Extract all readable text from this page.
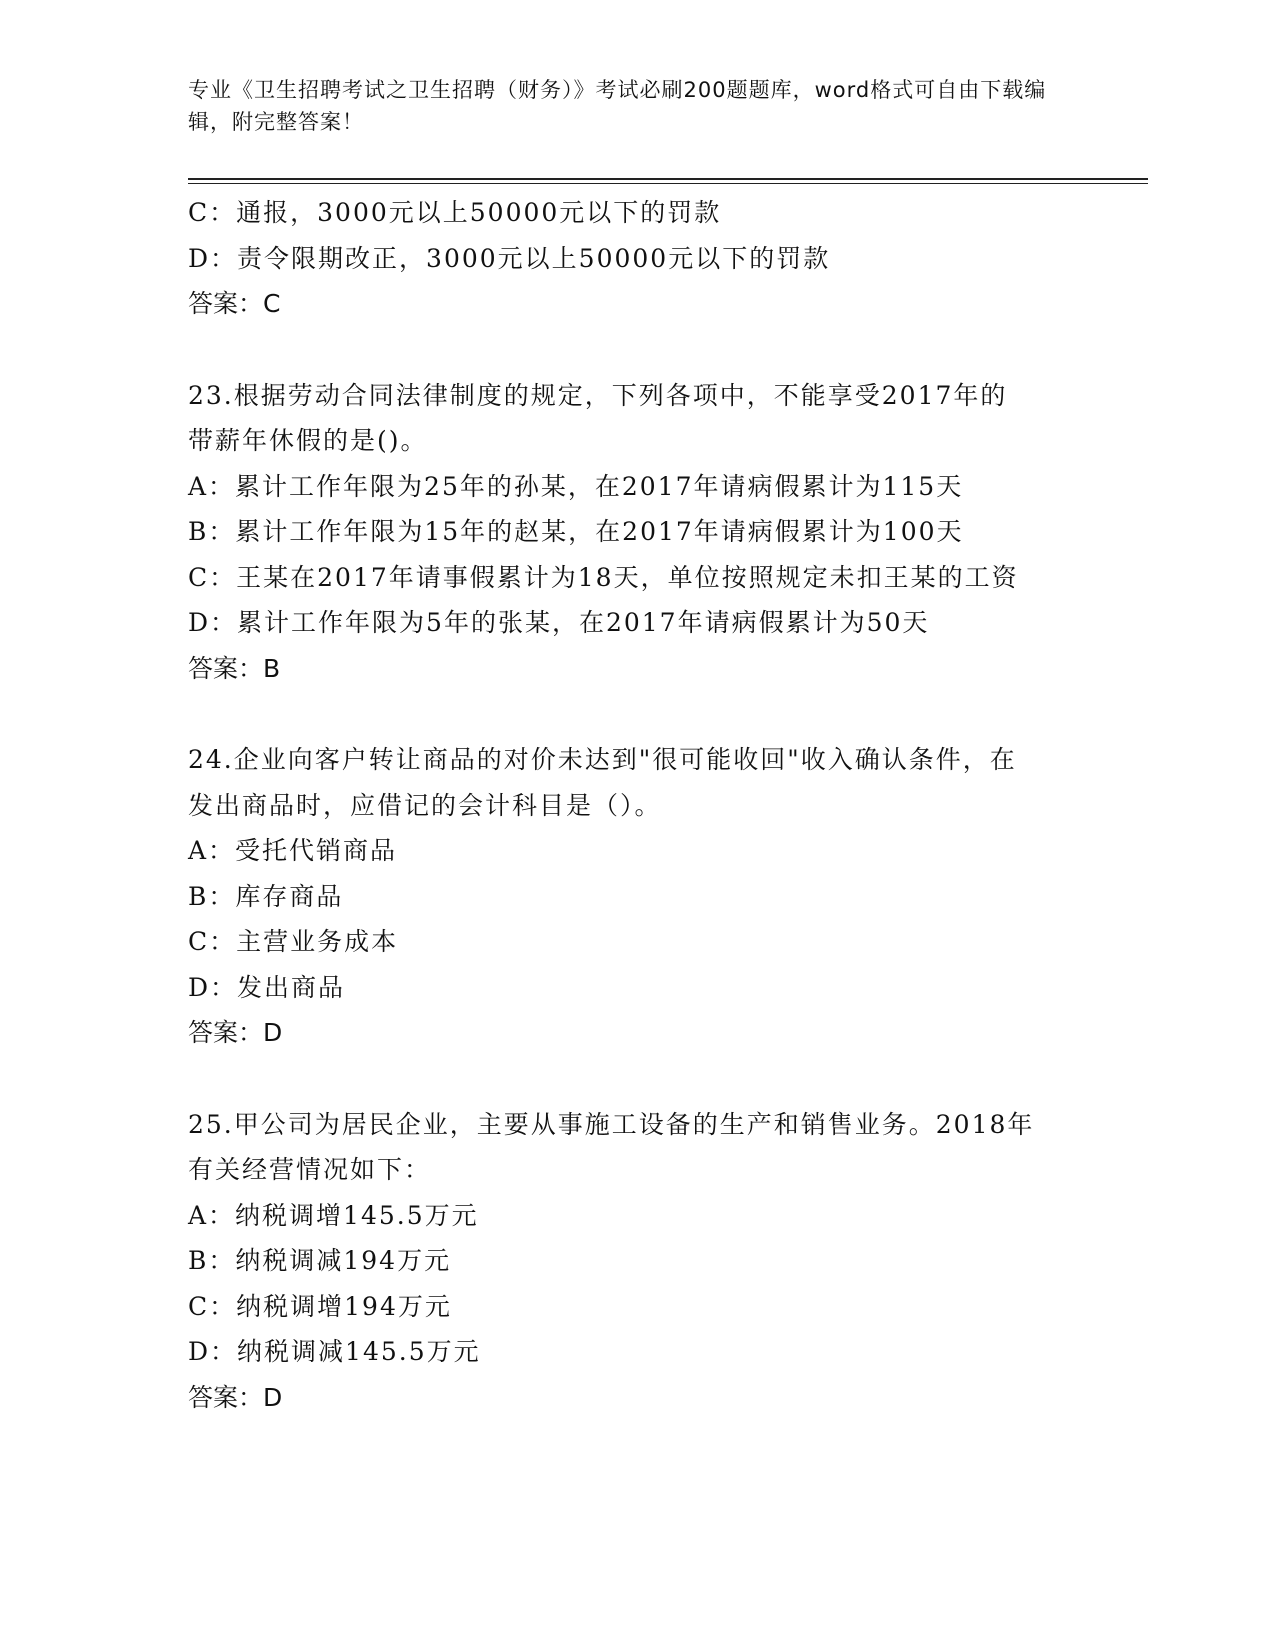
专业《卫生招聘考试之卫生招聘（财务）》考试必刷200题题库，word格式可自由下载编辑，附完整答案！
C：通报，3000元以上50000元以下的罚款
D：责令限期改正，3000元以上50000元以下的罚款
答案：C
23.根据劳动合同法律制度的规定，下列各项中，不能享受2017年的
带薪年休假的是()。
A：累计工作年限为25年的孙某，在2017年请病假累计为115天
B：累计工作年限为15年的赵某，在2017年请病假累计为100天
C：王某在2017年请事假累计为18天，单位按照规定未扣王某的工资
D：累计工作年限为5年的张某，在2017年请病假累计为50天
答案：B
24.企业向客户转让商品的对价未达到"很可能收回"收入确认条件，在
发出商品时，应借记的会计科目是（）。
A：受托代销商品
B：库存商品
C：主营业务成本
D：发出商品
答案：D
25.甲公司为居民企业，主要从事施工设备的生产和销售业务。2018年
有关经营情况如下：
A：纳税调增145.5万元
B：纳税调减194万元
C：纳税调增194万元
D：纳税调减145.5万元
答案：D
